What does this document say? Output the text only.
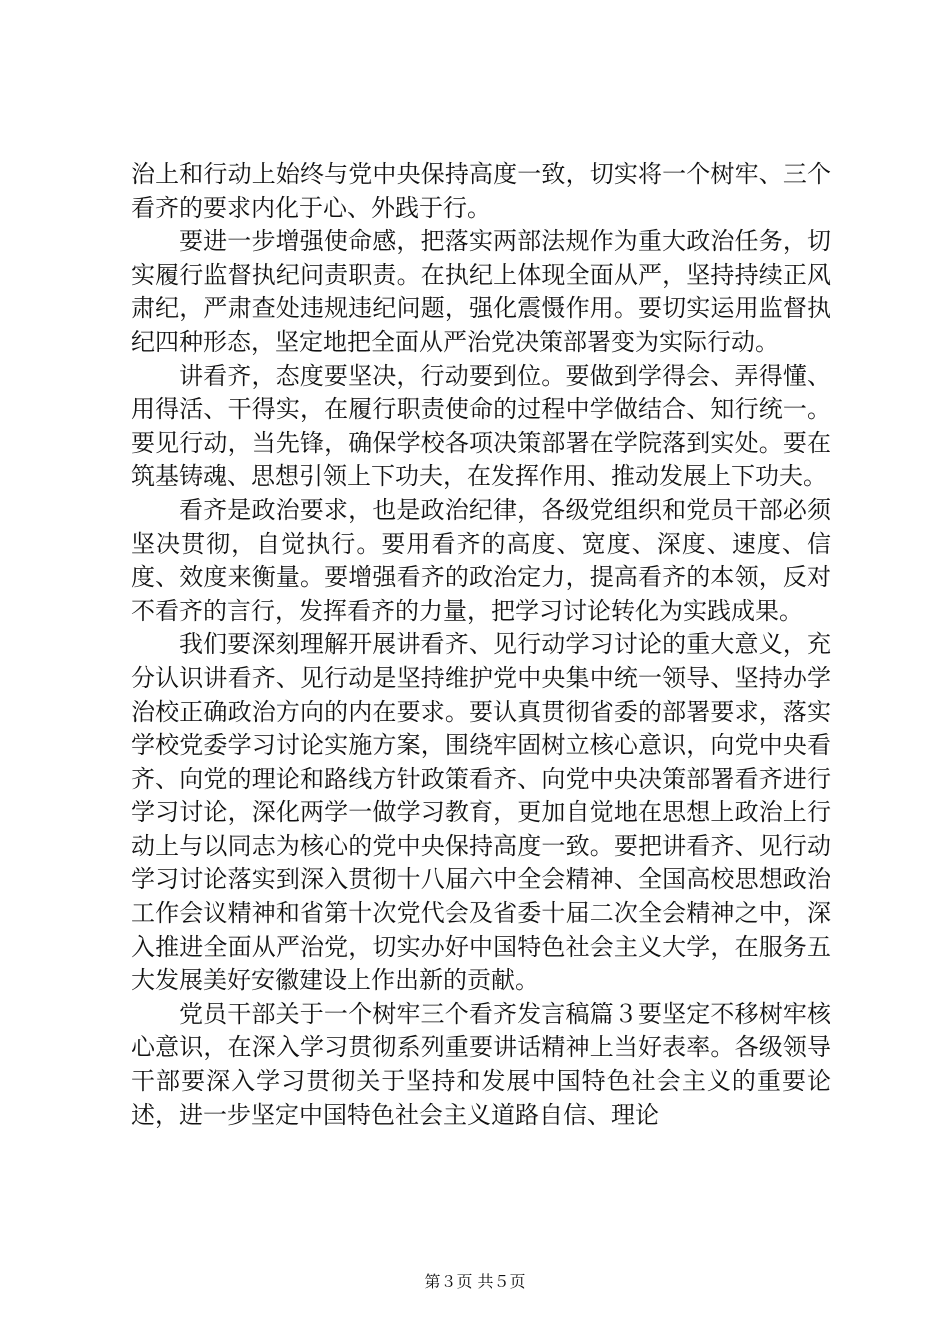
治上和行动上始终与党中央保持高度一致，切实将一个树牢、三个看齐的要求内化于心、外践于行。

要进一步增强使命感，把落实两部法规作为重大政治任务，切实履行监督执纪问责职责。在执纪上体现全面从严，坚持持续正风肃纪，严肃查处违规违纪问题，强化震慑作用。要切实运用监督执纪四种形态，坚定地把全面从严治党决策部署变为实际行动。

讲看齐，态度要坚决，行动要到位。要做到学得会、弄得懂、用得活、干得实，在履行职责使命的过程中学做结合、知行统一。要见行动，当先锋，确保学校各项决策部署在学院落到实处。要在筑基铸魂、思想引领上下功夫，在发挥作用、推动发展上下功夫。

看齐是政治要求，也是政治纪律，各级党组织和党员干部必须坚决贯彻，自觉执行。要用看齐的高度、宽度、深度、速度、信度、效度来衡量。要增强看齐的政治定力，提高看齐的本领，反对不看齐的言行，发挥看齐的力量，把学习讨论转化为实践成果。

我们要深刻理解开展讲看齐、见行动学习讨论的重大意义，充分认识讲看齐、见行动是坚持维护党中央集中统一领导、坚持办学治校正确政治方向的内在要求。要认真贯彻省委的部署要求，落实学校党委学习讨论实施方案，围绕牢固树立核心意识，向党中央看齐、向党的理论和路线方针政策看齐、向党中央决策部署看齐进行学习讨论，深化两学一做学习教育，更加自觉地在思想上政治上行动上与以同志为核心的党中央保持高度一致。要把讲看齐、见行动学习讨论落实到深入贯彻十八届六中全会精神、全国高校思想政治工作会议精神和省第十次党代会及省委十届二次全会精神之中，深入推进全面从严治党，切实办好中国特色社会主义大学，在服务五大发展美好安徽建设上作出新的贡献。

党员干部关于一个树牢三个看齐发言稿篇３要坚定不移树牢核心意识，在深入学习贯彻系列重要讲话精神上当好表率。各级领导干部要深入学习贯彻关于坚持和发展中国特色社会主义的重要论述，进一步坚定中国特色社会主义道路自信、理论

第３页 共５页
